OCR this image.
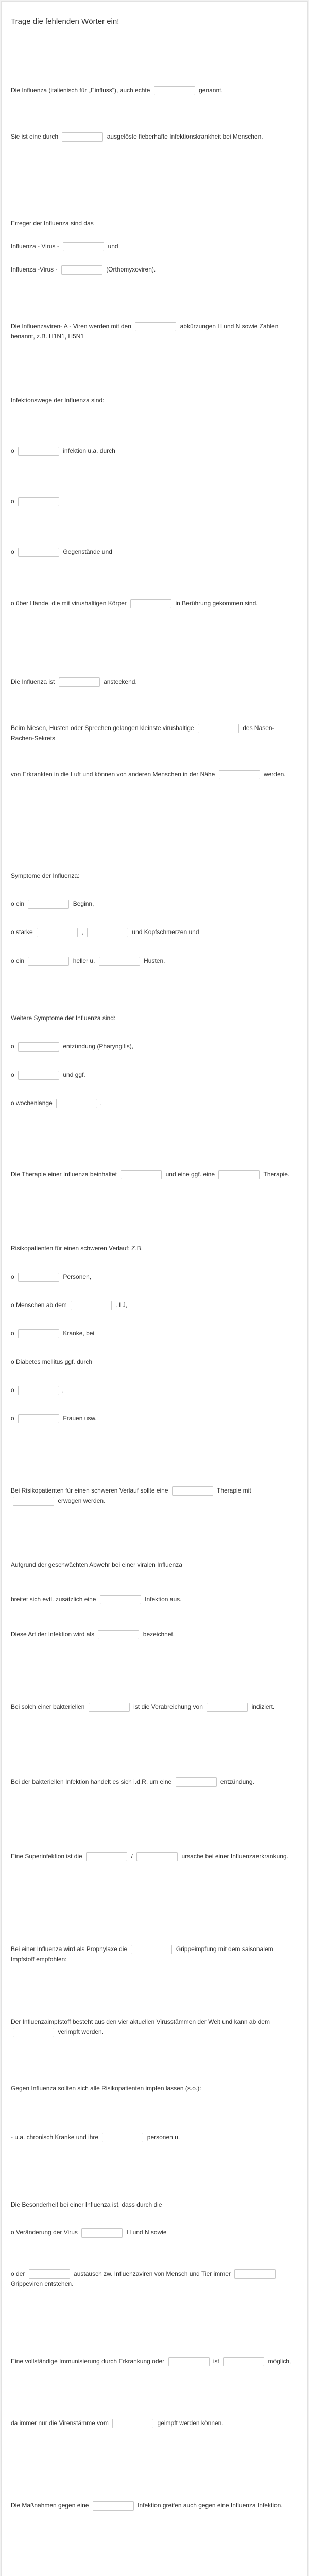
Trage die fehlenden Wörter ein!
Die Influenza (italienisch für „Einfluss"), auch echte	genannt.
Sie ist eine durch	ausgelöste fieberhafte Infektionskrankheit bei Menschen.
Erreger der Influenza sind das
Influenza - Virus -	und
Influenza -Virus -	(Orthomyxoviren).
Die Influenzaviren- A - Viren werden mit den	abkürzungen H und N sowie Zahlen benannt, z.B. H1N1, H5N1
Infektionswege der Influenza sind:
o	infektion u.a. durch
o
o	Gegenstände und
o über Hände, die mit virushaltigen Körper	in Berührung gekommen sind.
Die Influenza ist	ansteckend.
Beim Niesen, Husten oder Sprechen gelangen kleinste virushaltige	des Nasen-Rachen-Sekrets
von Erkrankten in die Luft und können von anderen Menschen in der Nähe	werden.
Symptome der Influenza:
o ein	Beginn,
o starke	,	und Kopfschmerzen und
o ein	heller u.	Husten.
Weitere Symptome der Influenza sind:
o	entzündung (Pharyngitis),
o	und ggf.
o wochenlange	.
Die Therapie einer Influenza beinhaltet	und eine ggf. eine	Therapie.
Risikopatienten für einen schweren Verlauf: Z.B.
o	Personen,
o Menschen ab dem	. LJ,
o	Kranke, bei
o Diabetes mellitus ggf. durch
o	,
o	Frauen usw.
Bei Risikopatienten für einen schweren Verlauf sollte eine	Therapie mit  erwogen werden.
Aufgrund der geschwächten Abwehr bei einer viralen Influenza
breitet sich evtl. zusätzlich eine	Infektion aus.
Diese Art der Infektion wird als	bezeichnet.
Bei solch einer bakteriellen	ist die Verabreichung von	indiziert.
Bei der bakteriellen Infektion handelt es sich i.d.R. um eine	entzündung.
Eine Superinfektion ist die	/	ursache bei einer Influenzaerkrankung.
Bei einer Influenza wird als Prophylaxe die	Grippeimpfung mit dem saisonalem Impfstoff empfohlen:
Der Influenzaimpfstoff besteht aus den vier aktuellen Virusstämmen der Welt und kann ab dem  verimpft werden.
Gegen Influenza sollten sich alle Risikopatienten impfen lassen (s.o.):
- u.a. chronisch Kranke und ihre	personen u.
Die Besonderheit bei einer Influenza ist, dass durch die
o Veränderung der Virus	H und N sowie
o der	austausch zw. Influenzaviren von Mensch und Tier immer  Grippeviren entstehen.
Eine vollständige Immunisierung durch Erkrankung oder	ist	möglich,
da immer nur die Virenstämme vom	geimpft werden können.
Die Maßnahmen gegen eine	Infektion greifen auch gegen eine Influenza Infektion.
